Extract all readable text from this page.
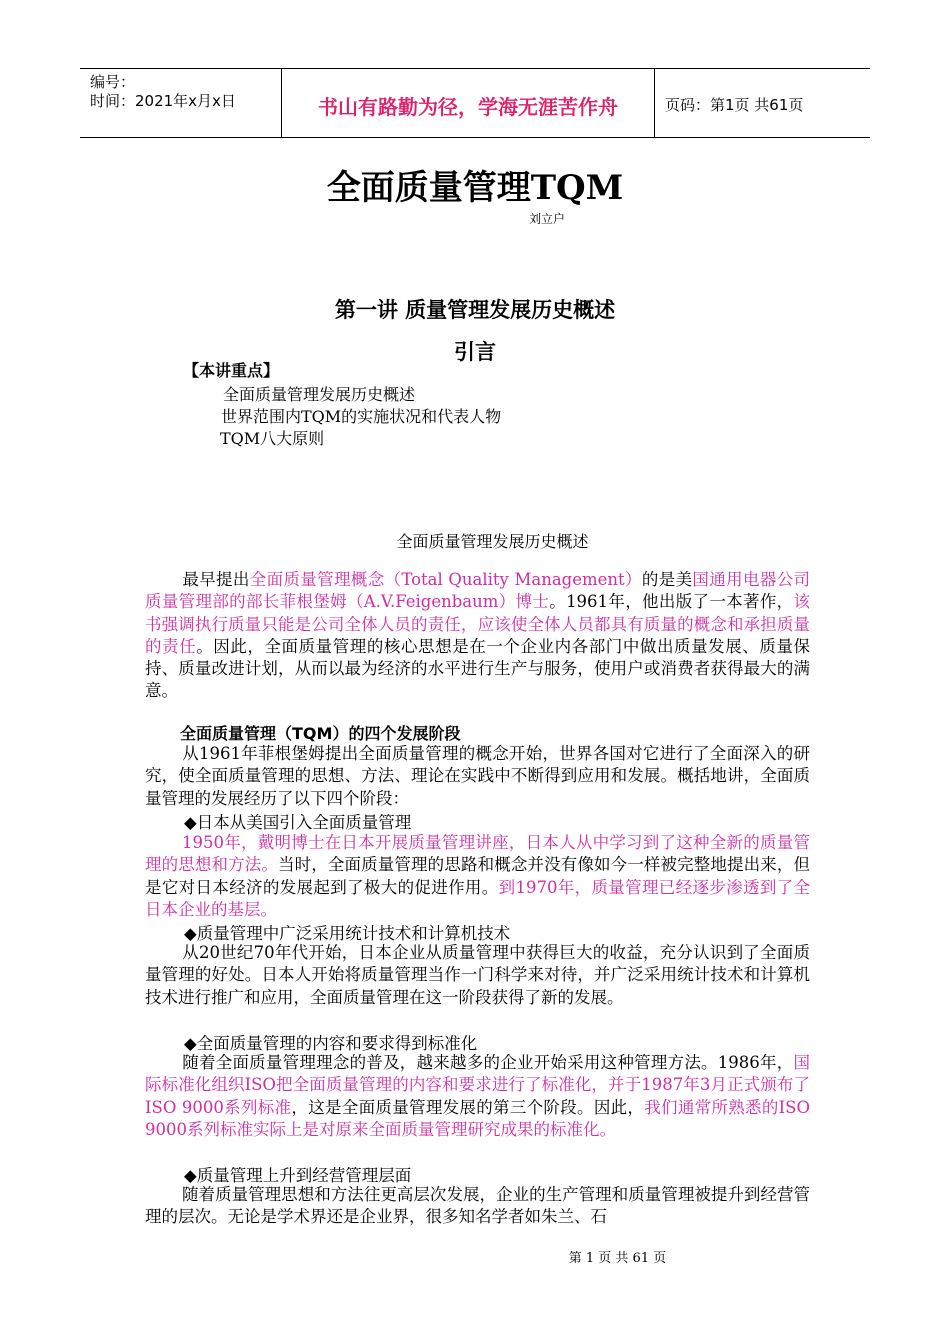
编号：
时间：2021年x月x日	书山有路勤为径，学海无涯苦作舟	页码：第1页 共61页
全面质量管理TQM
刘立户
第一讲 质量管理发展历史概述
引言
【本讲重点】
全面质量管理发展历史概述
世界范围内TQM的实施状况和代表人物
TQM八大原则
全面质量管理发展历史概述
最早提出全面质量管理概念（Total Quality Management）的是美国通用电器公司质量管理部的部长菲根堡姆（A.V.Feigenbaum）博士。1961年，他出版了一本著作，该书强调执行质量只能是公司全体人员的责任，应该使全体人员都具有质量的概念和承担质量的责任。因此，全面质量管理的核心思想是在一个企业内各部门中做出质量发展、质量保持、质量改进计划，从而以最为经济的水平进行生产与服务，使用户或消费者获得最大的满意。
全面质量管理（TQM）的四个发展阶段
从1961年菲根堡姆提出全面质量管理的概念开始，世界各国对它进行了全面深入的研究，使全面质量管理的思想、方法、理论在实践中不断得到应用和发展。概括地讲，全面质量管理的发展经历了以下四个阶段：
◆日本从美国引入全面质量管理
1950年，戴明博士在日本开展质量管理讲座，日本人从中学习到了这种全新的质量管理的思想和方法。当时，全面质量管理的思路和概念并没有像如今一样被完整地提出来，但是它对日本经济的发展起到了极大的促进作用。到1970年，质量管理已经逐步渗透到了全日本企业的基层。
◆质量管理中广泛采用统计技术和计算机技术
从20世纪70年代开始，日本企业从质量管理中获得巨大的收益，充分认识到了全面质量管理的好处。日本人开始将质量管理当作一门科学来对待，并广泛采用统计技术和计算机技术进行推广和应用，全面质量管理在这一阶段获得了新的发展。
◆全面质量管理的内容和要求得到标准化
随着全面质量管理理念的普及，越来越多的企业开始采用这种管理方法。1986年，国际标准化组织ISO把全面质量管理的内容和要求进行了标准化，并于1987年3月正式颁布了ISO 9000系列标准，这是全面质量管理发展的第三个阶段。因此，我们通常所熟悉的ISO 9000系列标准实际上是对原来全面质量管理研究成果的标准化。
◆质量管理上升到经营管理层面
随着质量管理思想和方法往更高层次发展，企业的生产管理和质量管理被提升到经营管理的层次。无论是学术界还是企业界，很多知名学者如朱兰、石
第 1 页 共 61 页
